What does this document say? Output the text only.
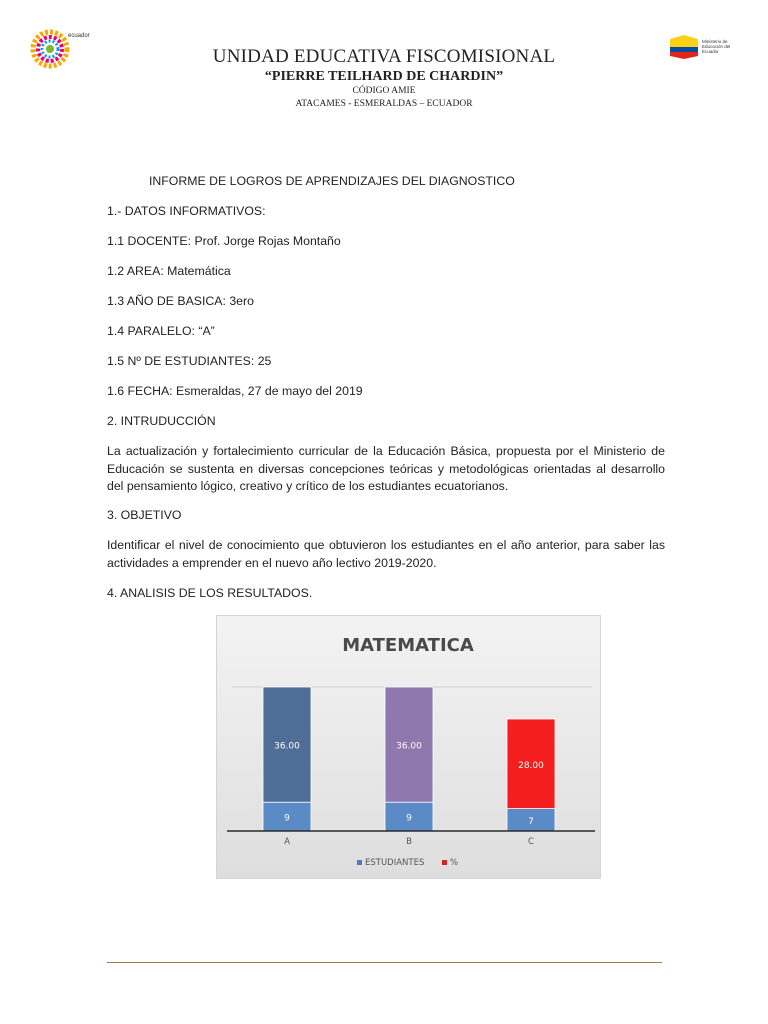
ecuador
Ministerio de Educación del Ecuador
UNIDAD EDUCATIVA FISCOMISIONAL
“PIERRE TEILHARD DE CHARDIN”
CÓDIGO AMIE
ATACAMES - ESMERALDAS – ECUADOR
INFORME DE LOGROS DE APRENDIZAJES DEL DIAGNOSTICO
1.- DATOS INFORMATIVOS:
1.1 DOCENTE: Prof. Jorge Rojas Montaño
1.2 AREA: Matemática
1.3 AÑO DE BASICA: 3ero
1.4 PARALELO: “A”
1.5 Nº DE ESTUDIANTES: 25
1.6 FECHA: Esmeraldas, 27 de mayo del 2019
2. INTRUDUCCIÓN
La actualización y fortalecimiento curricular de la Educación Básica, propuesta por el Ministerio de Educación se sustenta en diversas concepciones teóricas y metodológicas orientadas al desarrollo del pensamiento lógico, creativo y crítico de los estudiantes ecuatorianos.
3. OBJETIVO
Identificar el nivel de conocimiento que obtuvieron los estudiantes en el año anterior, para saber las actividades a emprender en el nuevo año lectivo 2019-2020.
4. ANALISIS DE LOS RESULTADOS.
MATEMATICA
9
36.00
A
9
36.00
B
7
28.00
C
ESTUDIANTES	%
